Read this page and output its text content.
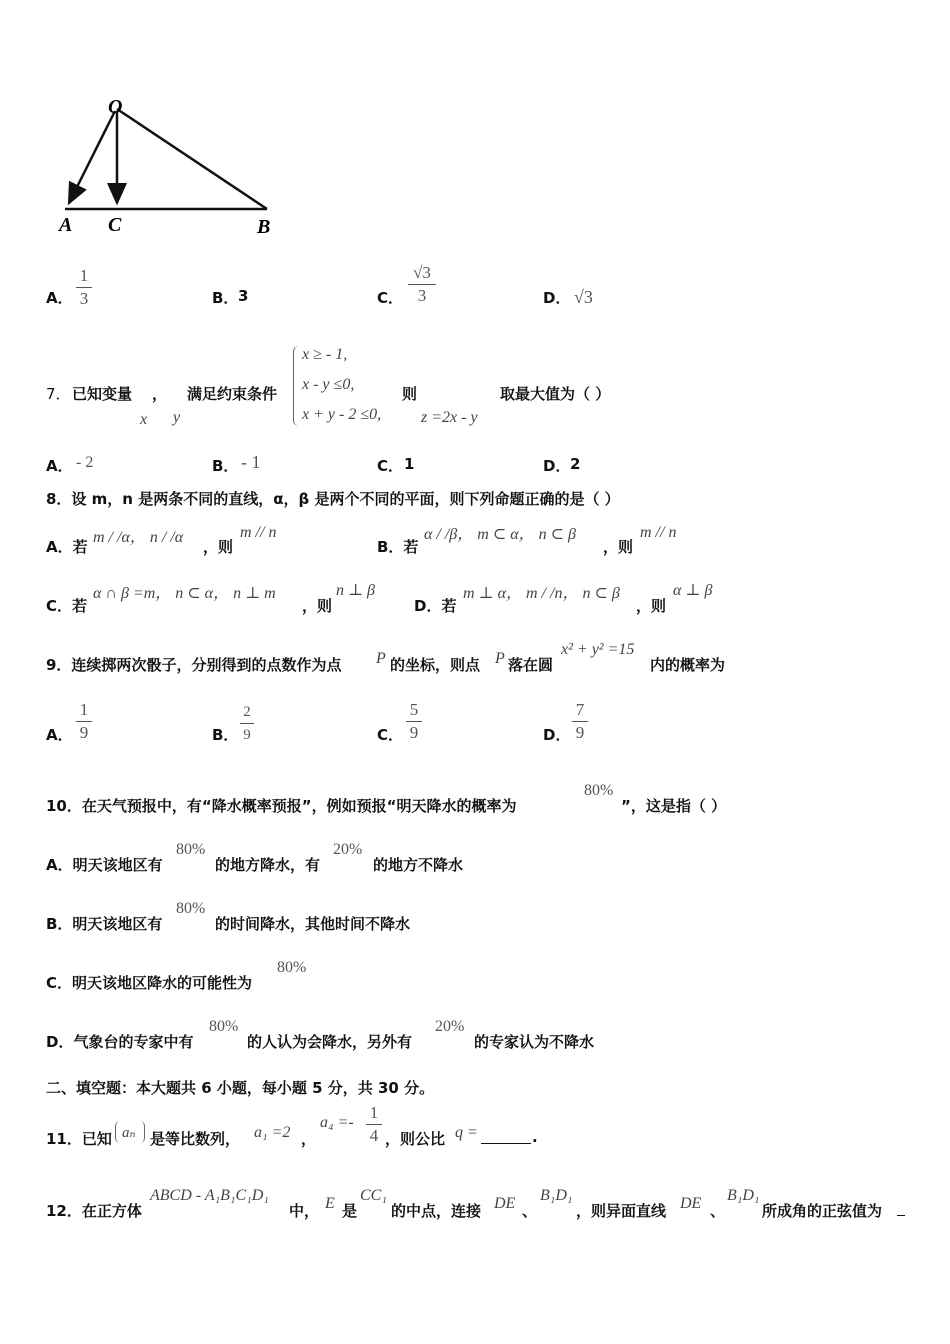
O
A C	B
A．
1
3	B． 3	C．
√3
3	D． √3
7． 已知变量 ， 满足约束条件
x y
x ≥ - 1,
x - y ≤0,
x + y - 2 ≤0,
则
z =2x - y
取最大值为（ ）
A． - 2	B． - 1	C． 1	D． 2
8．设 m，n 是两条不同的直线，α，β 是两个不同的平面，则下列命题正确的是（ ）
A．若
m / /α， n / /α
，则
m // n
B．若
α / /β， m ⊂ α， n ⊂ β
，则
m // n
C．若
α ∩ β =m， n ⊂ α， n ⊥ m
，则
n ⊥ β
D．若
m ⊥ α， m / /n， n ⊂ β
，则
α ⊥ β
9．连续掷两次骰子，分别得到的点数作为点 P 的坐标，则点 P 落在圆
x² + y² =15
内的概率为
A．
1
9	B．
2
9	C．
5
9	D．
7
9
10．在天气预报中，有“降水概率预报”，例如预报“明天降水的概率为
80%
”，这是指（ ）
A．明天该地区有
80%
的地方降水，有
20%
的地方不降水
B．明天该地区有
80%
的时间降水，其他时间不降水
C．明天该地区降水的可能性为
80%
D．气象台的专家中有
80%
的人认为会降水，另外有
20%
的专家认为不降水
二、填空题：本大题共 6 小题，每小题 5 分，共 30 分。
11．已知 aₙ 是等比数列， a₁ =2 ，
a₄ =-
1
4 ，则公比 q =	.
12．在正方体
ABCD - A₁B₁C₁D₁
中， E 是
CC₁
的中点，连接 DE 、
B₁D₁
，则异面直线 DE 、
B₁D₁
所成角的正弦值为
